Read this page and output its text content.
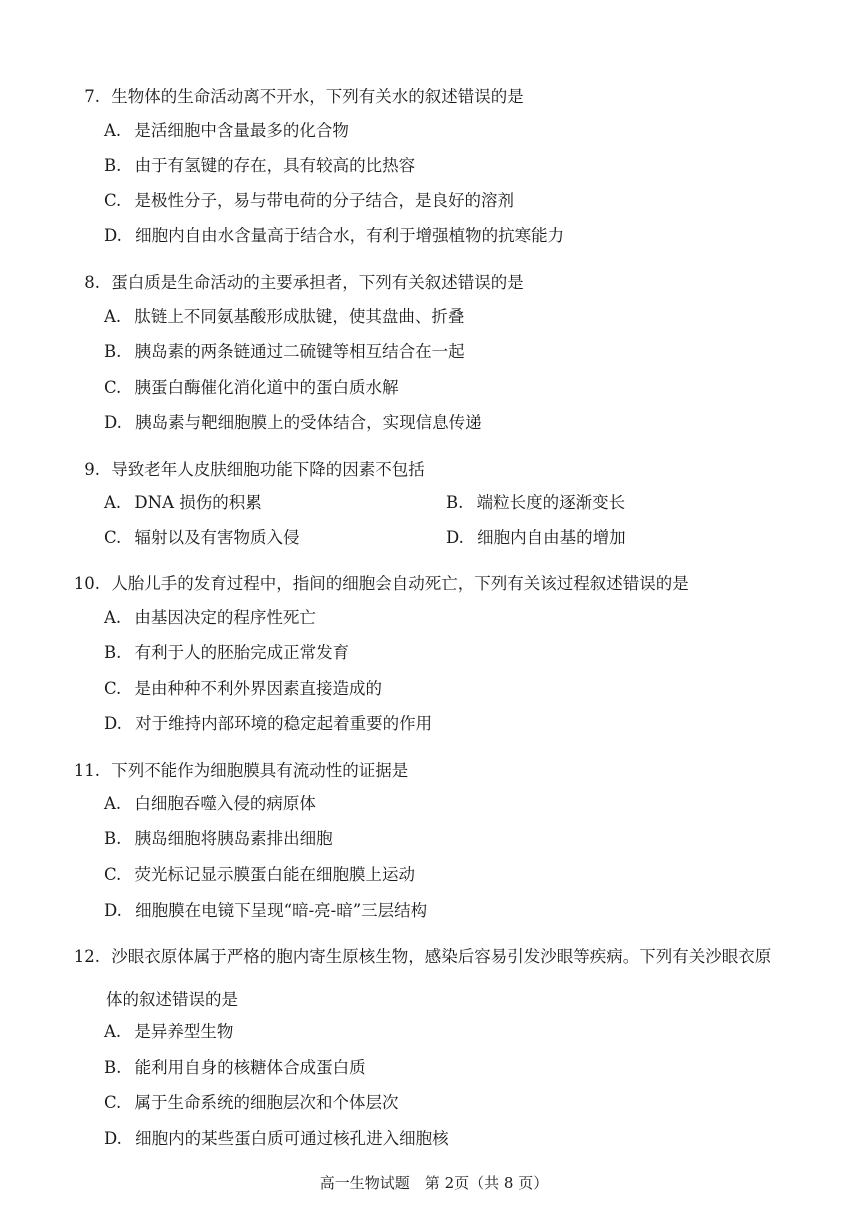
7. 生物体的生命活动离不开水，下列有关水的叙述错误的是
A. 是活细胞中含量最多的化合物
B. 由于有氢键的存在，具有较高的比热容
C. 是极性分子，易与带电荷的分子结合，是良好的溶剂
D. 细胞内自由水含量高于结合水，有利于增强植物的抗寒能力
8. 蛋白质是生命活动的主要承担者，下列有关叙述错误的是
A. 肽链上不同氨基酸形成肽键，使其盘曲、折叠
B. 胰岛素的两条链通过二硫键等相互结合在一起
C. 胰蛋白酶催化消化道中的蛋白质水解
D. 胰岛素与靶细胞膜上的受体结合，实现信息传递
9. 导致老年人皮肤细胞功能下降的因素不包括
A. DNA 损伤的积累	B. 端粒长度的逐渐变长
C. 辐射以及有害物质入侵	D. 细胞内自由基的增加
10. 人胎儿手的发育过程中，指间的细胞会自动死亡，下列有关该过程叙述错误的是
A. 由基因决定的程序性死亡
B. 有利于人的胚胎完成正常发育
C. 是由种种不利外界因素直接造成的
D. 对于维持内部环境的稳定起着重要的作用
11. 下列不能作为细胞膜具有流动性的证据是
A. 白细胞吞噬入侵的病原体
B. 胰岛细胞将胰岛素排出细胞
C. 荧光标记显示膜蛋白能在细胞膜上运动
D. 细胞膜在电镜下呈现“暗-亮-暗”三层结构
12. 沙眼衣原体属于严格的胞内寄生原核生物，感染后容易引发沙眼等疾病。下列有关沙眼衣原
体的叙述错误的是
A. 是异养型生物
B. 能利用自身的核糖体合成蛋白质
C. 属于生命系统的细胞层次和个体层次
D. 细胞内的某些蛋白质可通过核孔进入细胞核
高一生物试题　第 2页（共 8 页）
